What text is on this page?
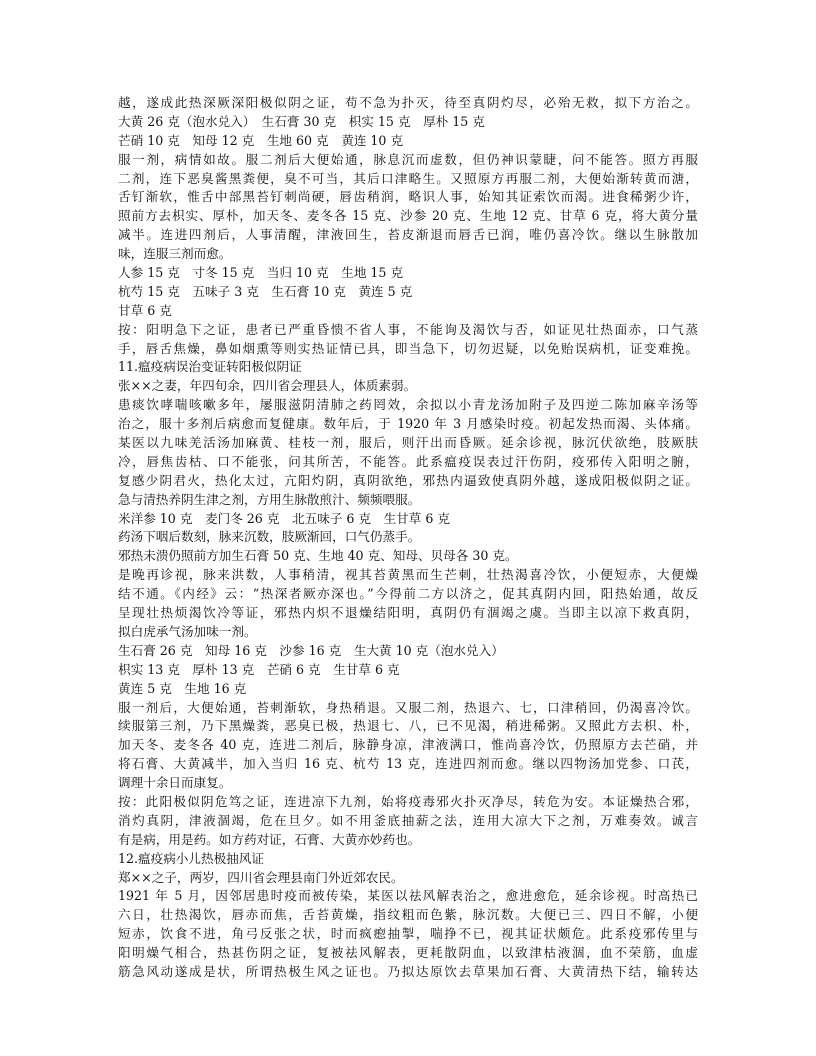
越，遂成此热深厥深阳极似阴之证，苟不急为扑灭，待至真阴灼尽，必殆无救，拟下方治之。
大黄 26 克（泡水兑入）　生石膏 30 克　枳实 15 克　厚朴 15 克
芒硝 10 克　知母 12 克　生地 60 克　黄连 10 克
服一剂，病情如故。服二剂后大便始通，脉息沉而虚数，但仍神识蒙睫，问不能答。照方再服
二剂，连下恶臭酱黑粪便，臭不可当，其后口津略生。又照原方再服二剂，大便始渐转黄而溏，
舌钉渐软，惟舌中部黑苔钉刺尚硬，唇齿稍润，略识人事，始知其证索饮而渴。进食稀粥少许，
照前方去枳实、厚朴，加天冬、麦冬各 15 克、沙参 20 克、生地 12 克、甘草 6 克，将大黄分量
减半。连进四剂后，人事清醒，津液回生，苔皮渐退而唇舌已润，唯仍喜冷饮。继以生脉散加
味，连服三剂而愈。
人参 15 克　寸冬 15 克　当归 10 克　生地 15 克
杭芍 15 克　五味子 3 克　生石膏 10 克　黄连 5 克
甘草 6 克
按：阳明急下之证，患者已严重昏愦不省人事，不能询及渴饮与否，如证见壮热面赤，口气蒸
手，唇舌焦燥，鼻如烟熏等则实热证情已具，即当急下，切勿迟疑，以免贻误病机，证变难挽。
11.瘟疫病误治变证转阳极似阴证
张××之妻，年四旬余，四川省会理县人，体质素弱。
患痰饮哮喘咳嗽多年，屡服滋阴清肺之药罔效，余拟以小青龙汤加附子及四逆二陈加麻辛汤等
治之，服十多剂后病愈而复健康。数年后，于 1920 年 3 月感染时疫。初起发热而渴、头体痛。
某医以九味羌活汤加麻黄、桂枝一剂，服后，则汗出而昏厥。延余诊视，脉沉伏欲绝，肢厥肤
冷，唇焦齿枯、口不能张，问其所苦，不能答。此系瘟疫误表过汗伤阴，疫邪传入阳明之腑，
复感少阴君火，热化太过，亢阳灼阴，真阴欲绝，邪热内逼致使真阴外越，遂成阳极似阴之证。
急与清热养阴生津之剂，方用生脉散煎汁、频频喂服。
米洋参 10 克　麦门冬 26 克　北五味子 6 克　生甘草 6 克
药汤下咽后数刻，脉来沉数，肢厥渐回，口气仍蒸手。
邪热未溃仍照前方加生石膏 50 克、生地 40 克、知母、贝母各 30 克。
是晚再诊视，脉来洪数，人事稍清，视其苔黄黑而生芒刺，壮热渴喜冷饮，小便短赤，大便燥
结不通。《内经》云：“热深者厥亦深也。”今得前二方以济之，促其真阴内回，阳热始通，故反
呈现壮热烦渴饮冷等证，邪热内炽不退燥结阳明，真阴仍有涸竭之虞。当即主以凉下救真阴，
拟白虎承气汤加味一剂。
生石膏 26 克　知母 16 克　沙参 16 克　生大黄 10 克（泡水兑入）
枳实 13 克　厚朴 13 克　芒硝 6 克　生甘草 6 克
黄连 5 克　生地 16 克
服一剂后，大便始通，苔刺渐软，身热稍退。又服二剂，热退六、七，口津稍回，仍渴喜冷饮。
续服第三剂，乃下黑燥粪，恶臭已极，热退七、八，已不见渴，稍进稀粥。又照此方去枳、朴，
加天冬、麦冬各 40 克，连进二剂后，脉静身凉，津液满口，惟尚喜冷饮，仍照原方去芒硝，并
将石膏、大黄减半，加入当归 16 克、杭芍 13 克，连进四剂而愈。继以四物汤加党参、口芪，
调理十余日而康复。
按：此阳极似阴危笃之证，连进凉下九剂，始将疫毒邪火扑灭净尽，转危为安。本证燥热合邪，
消灼真阴，津液涸竭，危在旦夕。如不用釜底抽薪之法，连用大凉大下之剂，万难奏效。诚言
有是病，用是药。如方药对证，石膏、大黄亦妙药也。
12.瘟疫病小儿热极抽风证
郑××之子，两岁，四川省会理县南门外近郊农民。
1921 年 5 月，因邻居患时疫而被传染，某医以祛风解表治之，愈进愈危，延余诊视。时高热已
六日，壮热渴饮，唇赤而焦，舌苔黄燥，指纹粗而色紫，脉沉数。大便已三、四日不解，小便
短赤，饮食不进，角弓反张之状，时而疯瘛抽掣，喘挣不已，视其证状颇危。此系疫邪传里与
阳明燥气相合，热甚伤阴之证，复被祛风解表，更耗散阴血，以致津枯液涸，血不荣筋，血虚
筋急风动遂成是状，所谓热极生风之证也。乃拟达原饮去草果加石膏、大黄清热下结，输转达
